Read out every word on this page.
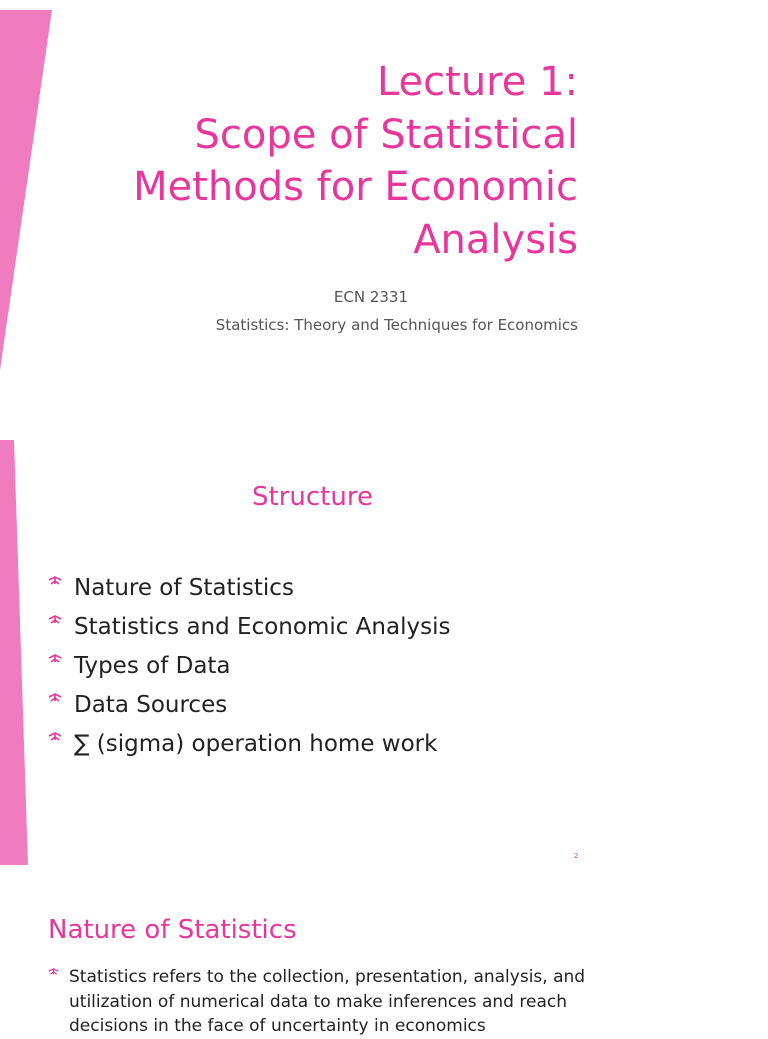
Lecture 1:
Scope of Statistical
Methods for Economic
Analysis

ECN 2331

Statistics: Theory and Techniques for Economics

Structure
Nature of Statistics
Statistics and Economic Analysis
Types of Data
Data Sources
∑ (sigma) operation home work

2

Nature of Statistics

Statistics refers to the collection, presentation, analysis, and utilization of numerical data to make inferences and reach decisions in the face of uncertainty in economics
